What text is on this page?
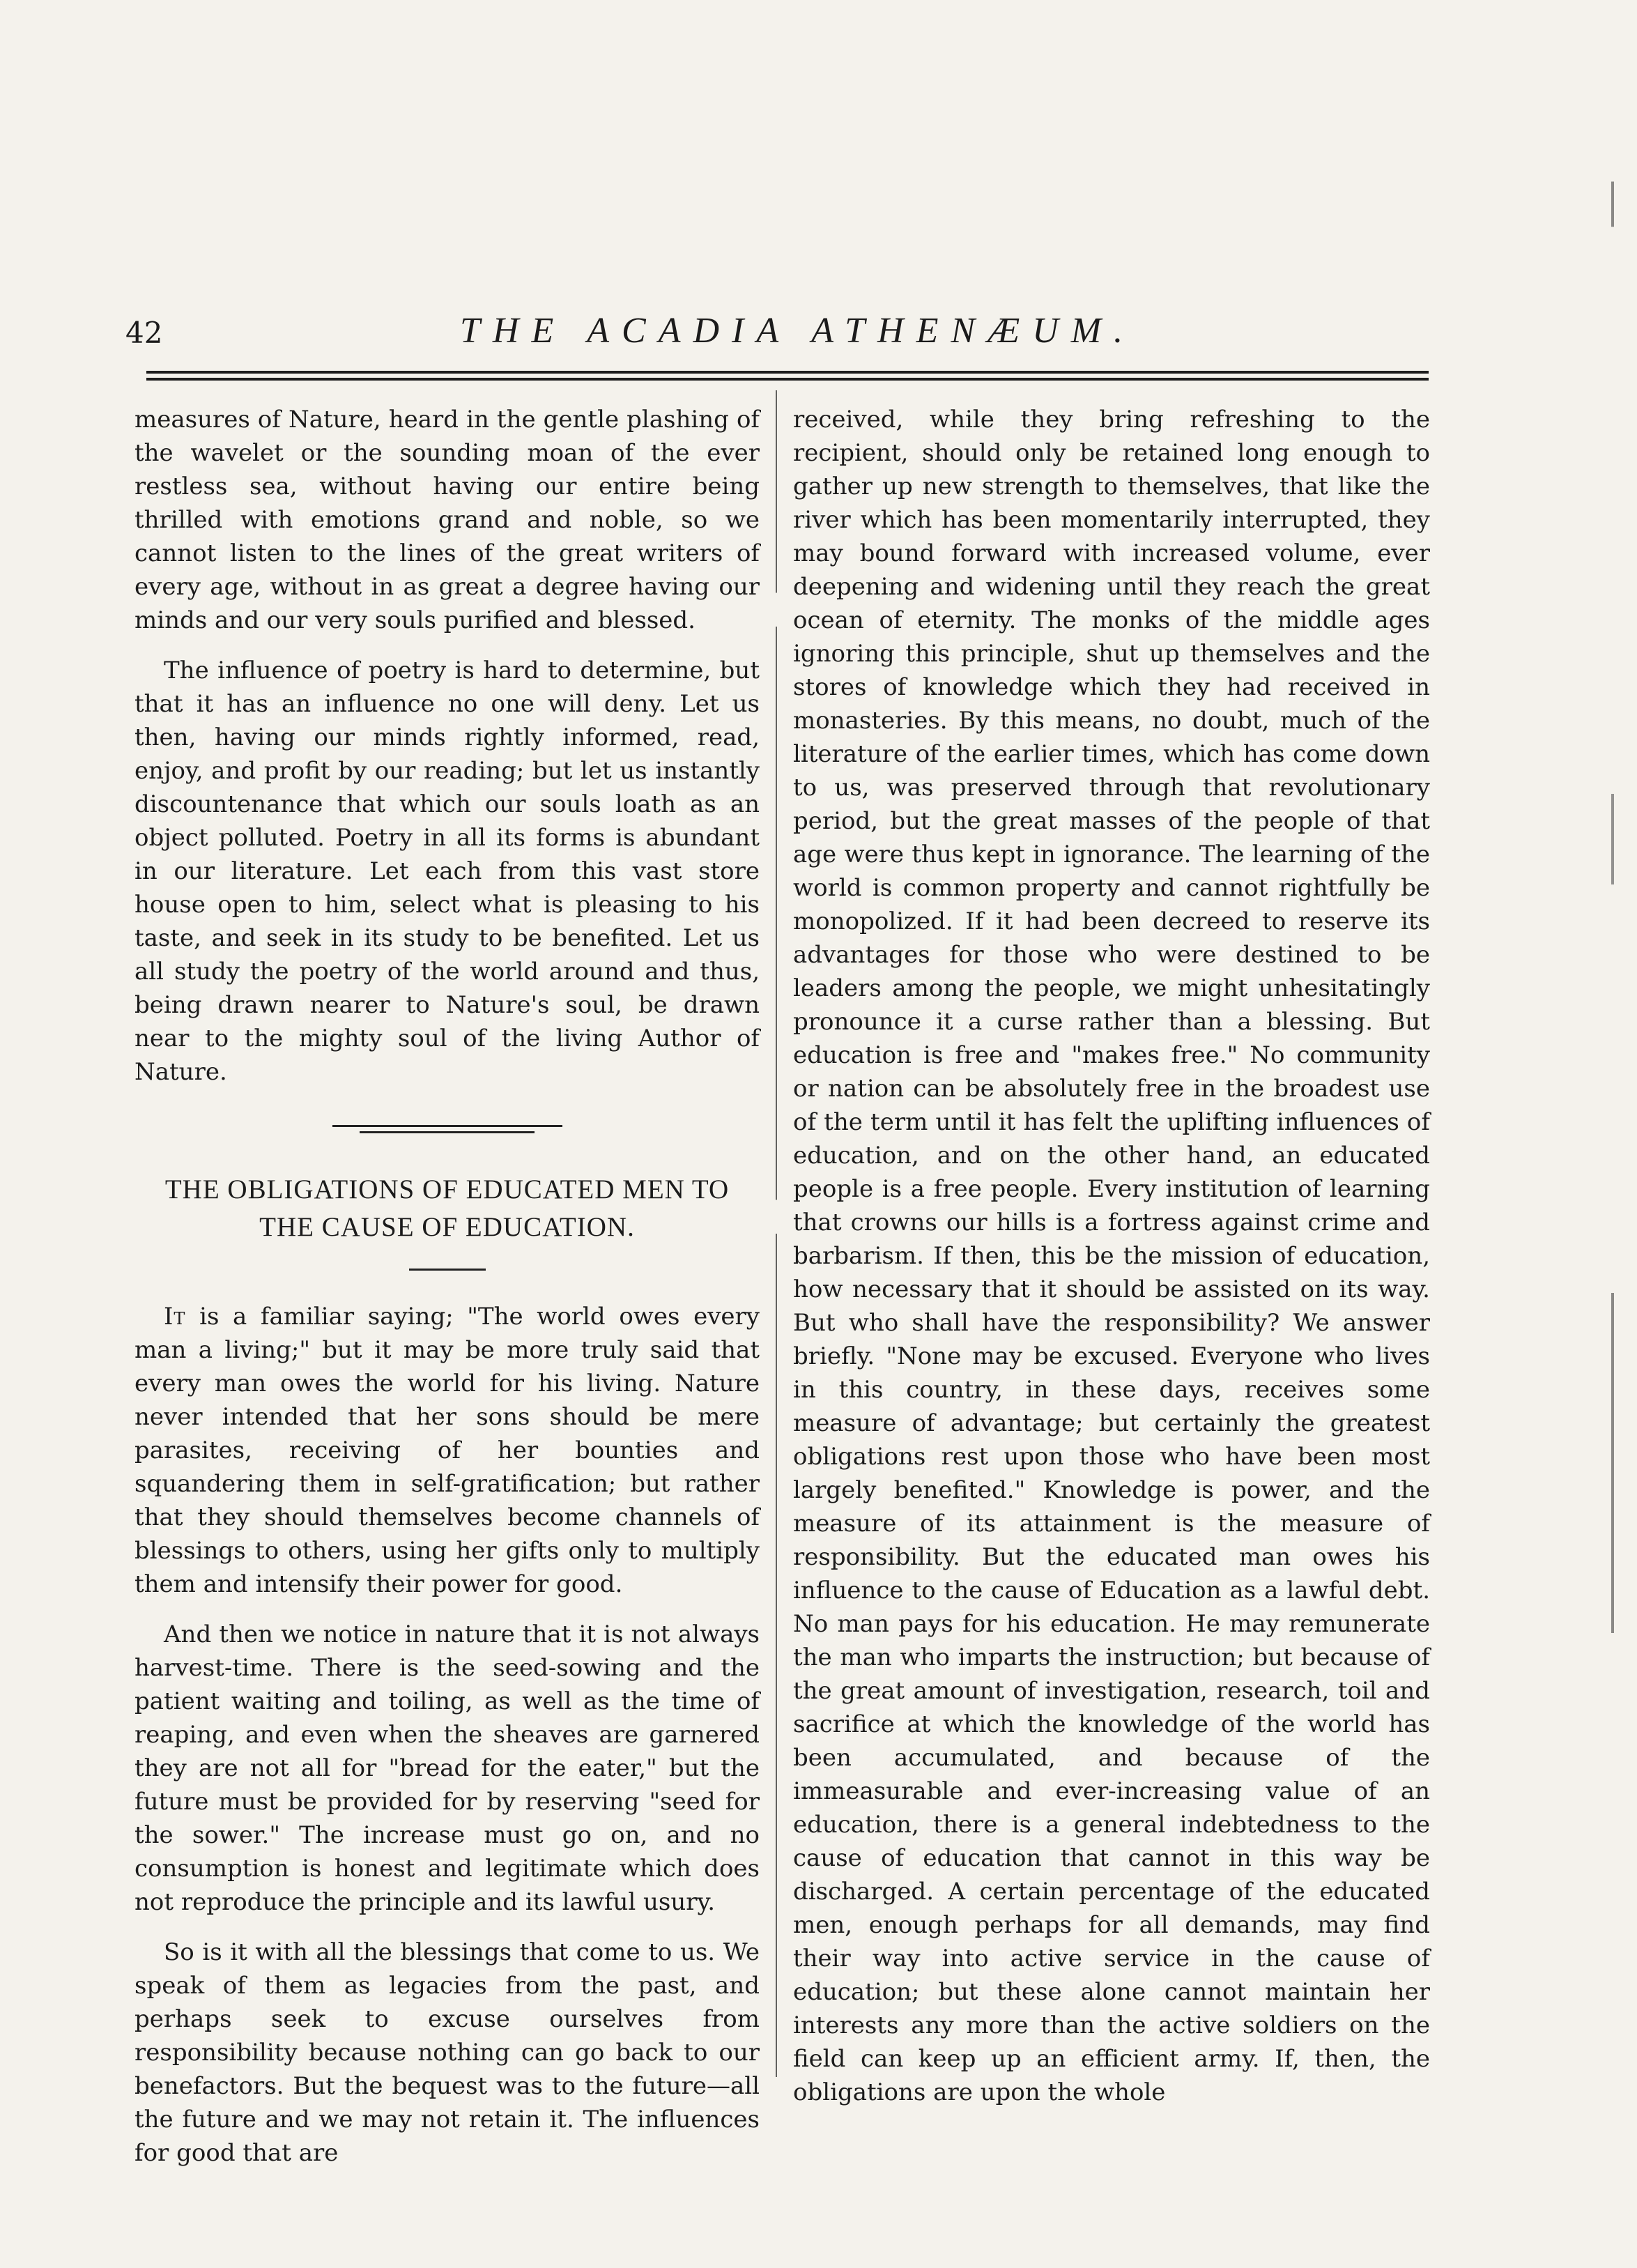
42	THE ACADIA ATHENÆUM.

measures of Nature, heard in the gentle plashing of the wavelet or the sounding moan of the ever restless sea, without having our entire being thrilled with emotions grand and noble, so we cannot listen to the lines of the great writers of every age, without in as great a degree having our minds and our very souls purified and blessed.

The influence of poetry is hard to determine, but that it has an influence no one will deny. Let us then, having our minds rightly informed, read, enjoy, and profit by our reading; but let us instantly discountenance that which our souls loath as an object polluted. Poetry in all its forms is abundant in our literature. Let each from this vast store house open to him, select what is pleasing to his taste, and seek in its study to be benefited. Let us all study the poetry of the world around and thus, being drawn nearer to Nature's soul, be drawn near to the mighty soul of the living Author of Nature.

THE OBLIGATIONS OF EDUCATED MEN TO THE CAUSE OF EDUCATION.

It is a familiar saying; "The world owes every man a living;" but it may be more truly said that every man owes the world for his living. Nature never intended that her sons should be mere parasites, receiving of her bounties and squandering them in self-gratification; but rather that they should themselves become channels of blessings to others, using her gifts only to multiply them and intensify their power for good.

And then we notice in nature that it is not always harvest-time. There is the seed-sowing and the patient waiting and toiling, as well as the time of reaping, and even when the sheaves are garnered they are not all for "bread for the eater," but the future must be provided for by reserving "seed for the sower." The increase must go on, and no consumption is honest and legitimate which does not reproduce the principle and its lawful usury.

So is it with all the blessings that come to us. We speak of them as legacies from the past, and perhaps seek to excuse ourselves from responsibility because nothing can go back to our benefactors. But the bequest was to the future—all the future and we may not retain it. The influences for good that are

received, while they bring refreshing to the recipient, should only be retained long enough to gather up new strength to themselves, that like the river which has been momentarily interrupted, they may bound forward with increased volume, ever deepening and widening until they reach the great ocean of eternity. The monks of the middle ages ignoring this principle, shut up themselves and the stores of knowledge which they had received in monasteries. By this means, no doubt, much of the literature of the earlier times, which has come down to us, was preserved through that revolutionary period, but the great masses of the people of that age were thus kept in ignorance. The learning of the world is common property and cannot rightfully be monopolized. If it had been decreed to reserve its advantages for those who were destined to be leaders among the people, we might unhesitatingly pronounce it a curse rather than a blessing. But education is free and "makes free." No community or nation can be absolutely free in the broadest use of the term until it has felt the uplifting influences of education, and on the other hand, an educated people is a free people. Every institution of learning that crowns our hills is a fortress against crime and barbarism. If then, this be the mission of education, how necessary that it should be assisted on its way. But who shall have the responsibility? We answer briefly. "None may be excused. Everyone who lives in this country, in these days, receives some measure of advantage; but certainly the greatest obligations rest upon those who have been most largely benefited." Knowledge is power, and the measure of its attainment is the measure of responsibility. But the educated man owes his influence to the cause of Education as a lawful debt. No man pays for his education. He may remunerate the man who imparts the instruction; but because of the great amount of investigation, research, toil and sacrifice at which the knowledge of the world has been accumulated, and because of the immeasurable and ever-increasing value of an education, there is a general indebtedness to the cause of education that cannot in this way be discharged. A certain percentage of the educated men, enough perhaps for all demands, may find their way into active service in the cause of education; but these alone cannot maintain her interests any more than the active soldiers on the field can keep up an efficient army. If, then, the obligations are upon the whole
